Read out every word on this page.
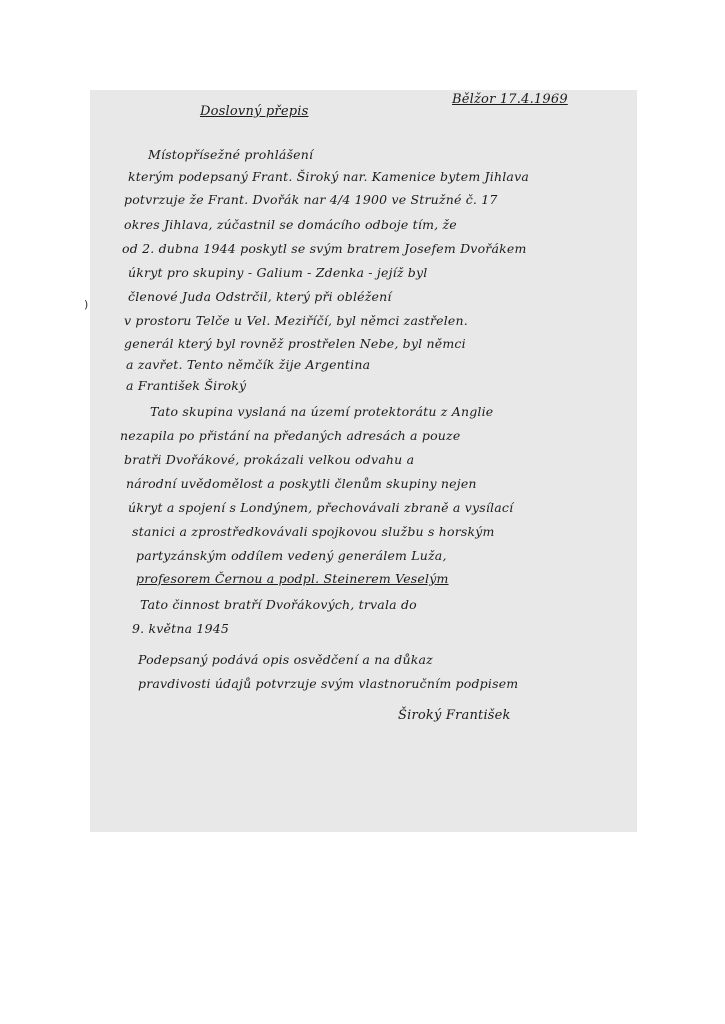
)
Doslovný přepis
Bělžor 17.4.1969
Místopřísežné prohlášení
kterým podepsaný Frant. Široký nar. Kamenice bytem Jihlava
potvrzuje že Frant. Dvořák nar 4/4 1900 ve Stružné č. 17
okres Jihlava, zúčastnil se domácího odboje tím, že
od 2. dubna 1944 poskytl se svým bratrem Josefem Dvořákem
úkryt pro skupiny - Galium - Zdenka - jejíž byl
členové Juda Odstrčil, který při obléžení
v prostoru Telče u Vel. Meziříčí, byl němci zastřelen.
generál který byl rovněž prostřelen Nebe, byl němci
a zavřet. Tento němčík žije Argentina
a František Široký
Tato skupina vyslaná na území protektorátu z Anglie
nezapila po přistání na předaných adresách a pouze
bratři Dvořákové, prokázali velkou odvahu a
národní uvědomělost a poskytli členům skupiny nejen
úkryt a spojení s Londýnem, přechovávali zbraně a vysílací
stanici a zprostředkovávali spojkovou službu s horským
partyzánským oddílem vedený generálem Luža,
profesorem Černou a podpl. Steinerem Veselým
Tato činnost bratří Dvořákových, trvala do
9. května 1945
Podepsaný podává opis osvědčení a na důkaz
pravdivosti údajů potvrzuje svým vlastnoručním podpisem
Široký František
